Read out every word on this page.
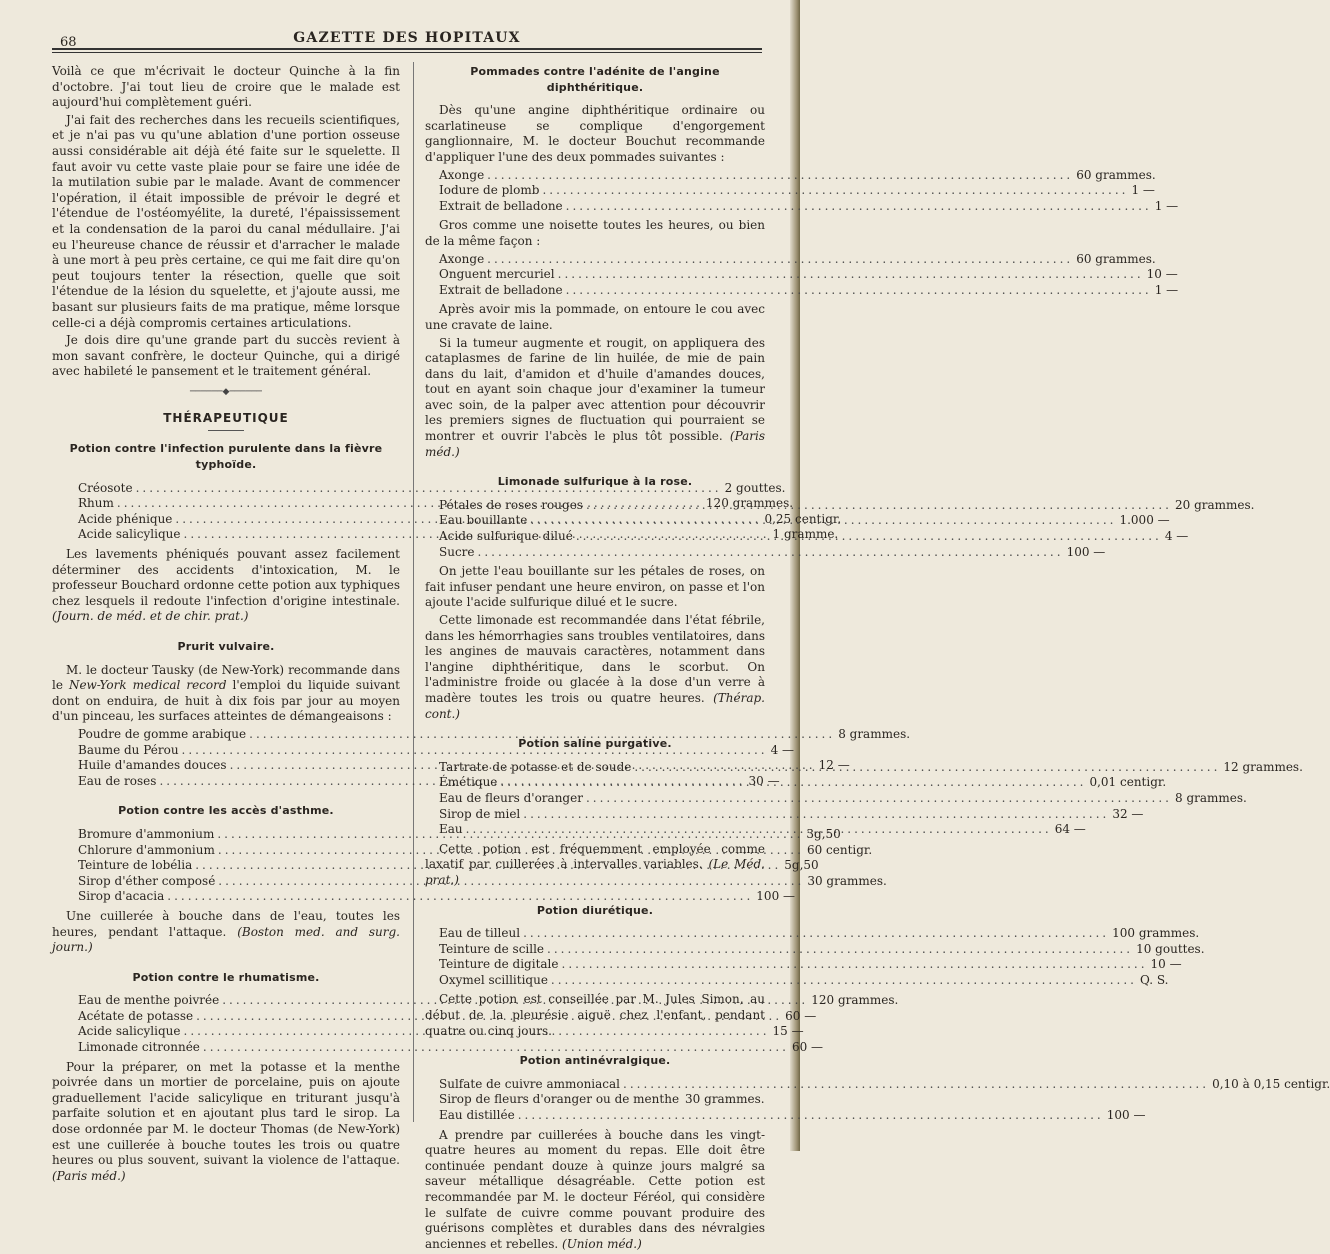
68	GAZETTE DES HOPITAUX

Voilà ce que m'écrivait le docteur Quinche à la fin d'octobre. J'ai tout lieu de croire que le malade est aujourd'hui complètement guéri.

J'ai fait des recherches dans les recueils scientifiques, et je n'ai pas vu qu'une ablation d'une portion osseuse aussi considérable ait déjà été faite sur le squelette. Il faut avoir vu cette vaste plaie pour se faire une idée de la mutilation subie par le malade. Avant de commencer l'opération, il était impossible de prévoir le degré et l'étendue de l'ostéomyélite, la dureté, l'épaississement et la condensation de la paroi du canal médullaire. J'ai eu l'heureuse chance de réussir et d'arracher le malade à une mort à peu près certaine, ce qui me fait dire qu'on peut toujours tenter la résection, quelle que soit l'étendue de la lésion du squelette, et j'ajoute aussi, me basant sur plusieurs faits de ma pratique, même lorsque celle-ci a déjà compromis certaines articulations.

Je dois dire qu'une grande part du succès revient à mon savant confrère, le docteur Quinche, qui a dirigé avec habileté le pansement et le traitement général.

──────◆──────
THÉRAPEUTIQUE
Potion contre l'infection purulente dans la fièvre typhoïde.
Créosote .....	2 gouttes.
Rhum .....	120 grammes.
Acide phénique .....	0,25 centigr.
Acide salicylique .....	1 gramme.

Les lavements phéniqués pouvant assez facilement déterminer des accidents d'intoxication, M. le professeur Bouchard ordonne cette potion aux typhiques chez lesquels il redoute l'infection d'origine intestinale. (Journ. de méd. et de chir. prat.)

Prurit vulvaire.

M. le docteur Tausky (de New-York) recommande dans le New-York medical record l'emploi du liquide suivant dont on enduira, de huit à dix fois par jour au moyen d'un pinceau, les surfaces atteintes de démangeaisons :

Poudre de gomme arabique .....	8 grammes.
Baume du Pérou .....	4 —
Huile d'amandes douces .....	12 —
Eau de roses .....	30 —
Potion contre les accès d'asthme.
Bromure d'ammonium .....	3g,50
Chlorure d'ammonium .....	60 centigr.
Teinture de lobélia .....	5g,50
Sirop d'éther composé .....	30 grammes.
Sirop d'acacia .....	100 —

Une cuillerée à bouche dans de l'eau, toutes les heures, pendant l'attaque. (Boston med. and surg. journ.)

Potion contre le rhumatisme.
Eau de menthe poivrée .....	120 grammes.
Acétate de potasse .....	60 —
Acide salicylique .....	15 —
Limonade citronnée .....	60 —

Pour la préparer, on met la potasse et la menthe poivrée dans un mortier de porcelaine, puis on ajoute graduellement l'acide salicylique en triturant jusqu'à parfaite solution et en ajoutant plus tard le sirop. La dose ordonnée par M. le docteur Thomas (de New-York) est une cuillerée à bouche toutes les trois ou quatre heures ou plus souvent, suivant la violence de l'attaque. (Paris méd.)

Pommades contre l'adénite de l'angine diphthéritique.

Dès qu'une angine diphthéritique ordinaire ou scarlatineuse se complique d'engorgement ganglionnaire, M. le docteur Bouchut recommande d'appliquer l'une des deux pommades suivantes :

Axonge .....	60 grammes.
Iodure de plomb .....	1 —
Extrait de belladone .....	1 —

Gros comme une noisette toutes les heures, ou bien de la même façon :

Axonge .....	60 grammes.
Onguent mercuriel .....	10 —
Extrait de belladone .....	1 —

Après avoir mis la pommade, on entoure le cou avec une cravate de laine.

Si la tumeur augmente et rougit, on appliquera des cataplasmes de farine de lin huilée, de mie de pain dans du lait, d'amidon et d'huile d'amandes douces, tout en ayant soin chaque jour d'examiner la tumeur avec soin, de la palper avec attention pour découvrir les premiers signes de fluctuation qui pourraient se montrer et ouvrir l'abcès le plus tôt possible. (Paris méd.)

Limonade sulfurique à la rose.
Pétales de roses rouges .....	20 grammes.
Eau bouillante .....	1.000 —
Acide sulfurique dilué .....	4 —
Sucre .....	100 —

On jette l'eau bouillante sur les pétales de roses, on fait infuser pendant une heure environ, on passe et l'on ajoute l'acide sulfurique dilué et le sucre.

Cette limonade est recommandée dans l'état fébrile, dans les hémorrhagies sans troubles ventilatoires, dans les angines de mauvais caractères, notamment dans l'angine diphthéritique, dans le scorbut. On l'administre froide ou glacée à la dose d'un verre à madère toutes les trois ou quatre heures. (Thérap. cont.)

Potion saline purgative.
Tartrate de potasse et de soude .....	12 grammes.
Émétique .....	0,01 centigr.
Eau de fleurs d'oranger .....	8 grammes.
Sirop de miel .....	32 —
Eau .....	64 —

Cette potion est fréquemment employée comme laxatif par cuillerées à intervalles variables. (Le Méd. prat.)

Potion diurétique.
Eau de tilleul .....	100 grammes.
Teinture de scille .....	10 gouttes.
Teinture de digitale .....	10 —
Oxymel scillitique .....	Q. S.

Cette potion est conseillée par M. Jules Simon, au début de la pleurésie aiguë chez l'enfant, pendant quatre ou cinq jours.

Potion antinévralgique.
Sulfate de cuivre ammoniacal .....	0,10 à 0,15 centigr.
Sirop de fleurs d'oranger ou de menthe 30 grammes.
Eau distillée .....	100 —

A prendre par cuillerées à bouche dans les vingt-quatre heures au moment du repas. Elle doit être continuée pendant douze à quinze jours malgré sa saveur métallique désagréable. Cette potion est recommandée par M. le docteur Féréol, qui considère le sulfate de cuivre comme pouvant produire des guérisons complètes et durables dans des névralgies anciennes et rebelles. (Union méd.)
